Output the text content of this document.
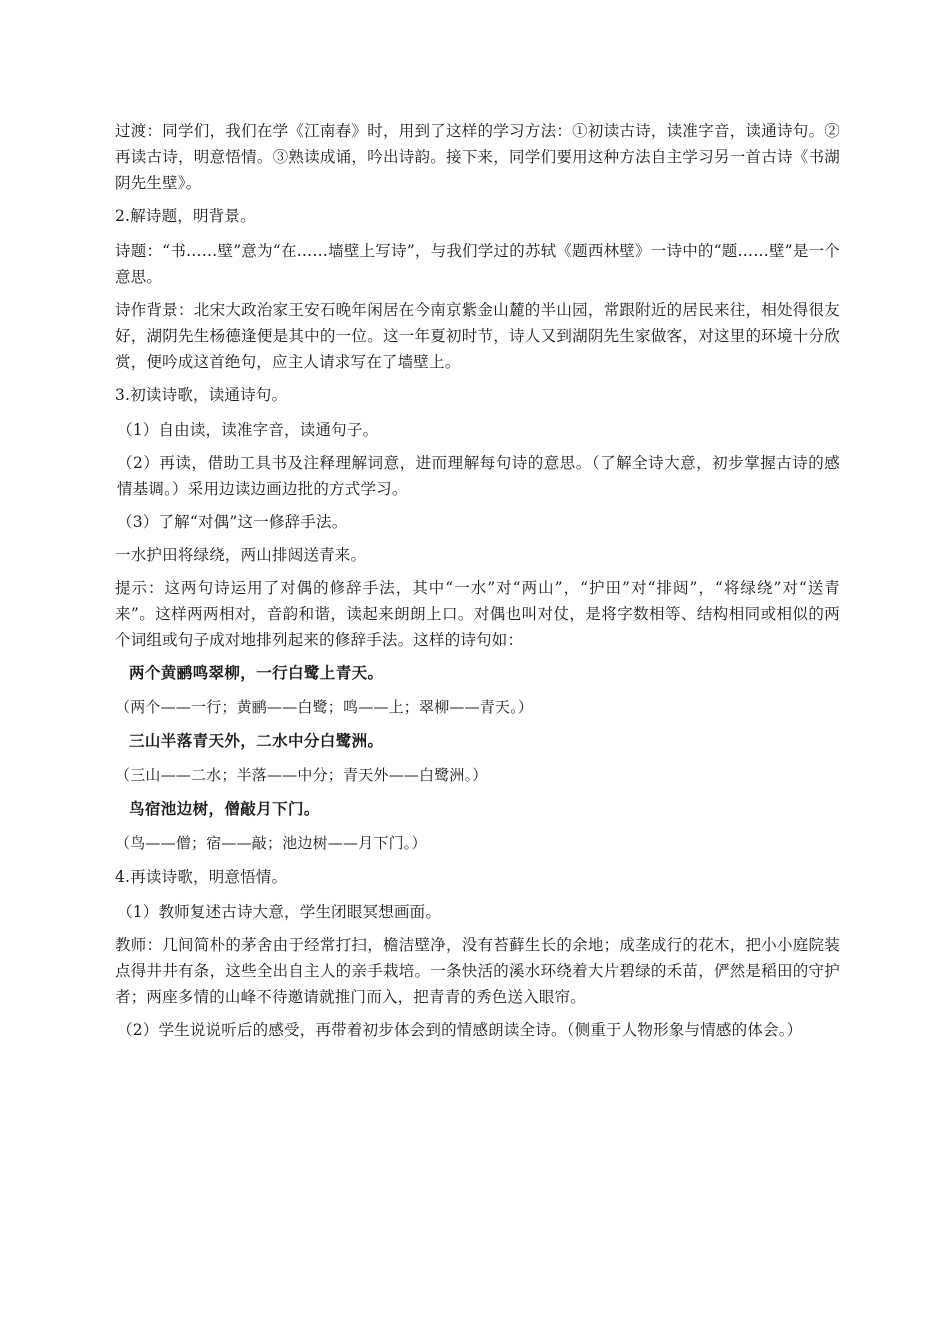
过渡：同学们，我们在学《江南春》时，用到了这样的学习方法：①初读古诗，读准字音，读通诗句。②再读古诗，明意悟情。③熟读成诵，吟出诗韵。接下来，同学们要用这种方法自主学习另一首古诗《书湖阴先生壁》。

2.解诗题，明背景。

诗题：“书……壁”意为“在……墙壁上写诗”，与我们学过的苏轼《题西林壁》一诗中的“题……壁”是一个意思。

诗作背景：北宋大政治家王安石晚年闲居在今南京紫金山麓的半山园，常跟附近的居民来往，相处得很友好，湖阴先生杨德逢便是其中的一位。这一年夏初时节，诗人又到湖阴先生家做客，对这里的环境十分欣赏，便吟成这首绝句，应主人请求写在了墙壁上。

3.初读诗歌，读通诗句。

（1）自由读，读准字音，读通句子。

（2）再读，借助工具书及注释理解词意，进而理解每句诗的意思。（了解全诗大意，初步掌握古诗的感情基调。）采用边读边画边批的方式学习。

（3）了解“对偶”这一修辞手法。

一水护田将绿绕，两山排闼送青来。

提示：这两句诗运用了对偶的修辞手法，其中“一水”对“两山”，“护田”对“排闼”，“将绿绕”对“送青来”。这样两两相对，音韵和谐，读起来朗朗上口。对偶也叫对仗，是将字数相等、结构相同或相似的两个词组或句子成对地排列起来的修辞手法。这样的诗句如：

两个黄鹂鸣翠柳，一行白鹭上青天。

（两个——一行；黄鹂——白鹭；鸣——上；翠柳——青天。）

三山半落青天外，二水中分白鹭洲。

（三山——二水；半落——中分；青天外——白鹭洲。）

鸟宿池边树，僧敲月下门。

（鸟——僧；宿——敲；池边树——月下门。）

4.再读诗歌，明意悟情。

（1）教师复述古诗大意，学生闭眼冥想画面。

教师：几间简朴的茅舍由于经常打扫，檐洁壁净，没有苔藓生长的余地；成垄成行的花木，把小小庭院装点得井井有条，这些全出自主人的亲手栽培。一条快活的溪水环绕着大片碧绿的禾苗，俨然是稻田的守护者；两座多情的山峰不待邀请就推门而入，把青青的秀色送入眼帘。

（2）学生说说听后的感受，再带着初步体会到的情感朗读全诗。（侧重于人物形象与情感的体会。）
